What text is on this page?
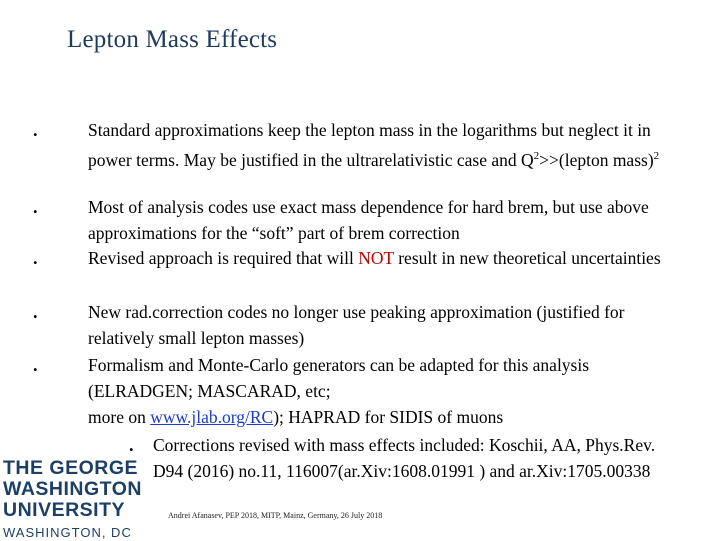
Lepton Mass Effects
.	Standard approximations keep the lepton mass in the logarithms but neglect it in power terms. May be justified in the ultrarelativistic case and $Q^2>>(lepton$ mass)$^2$
.	Most of analysis codes use exact mass dependence for hard brem, but use above approximations for the “soft” part of brem correction
.	Revised approach is required that will NOT result in new theoretical uncertainties
.	New rad.correction codes no longer use peaking approximation (justified for relatively small lepton masses)
.	Formalism and Monte-Carlo generators can be adapted for this analysis (ELRADGEN; MASCARAD, etc;
more on www.jlab.org/RC); HAPRAD for SIDIS of muons
. Corrections revised with mass effects included: Koschii, AA, Phys.Rev. D94 (2016) no.11, 116007(ar.Xiv:1608.01991 ) and ar.Xiv:1705.00338
THE GEORGE
WASHINGTON
UNIVERSITY
WASHINGTON, DC
Andrei Afanasev, PEP 2018, MITP, Mainz, Germany, 26 July 2018
